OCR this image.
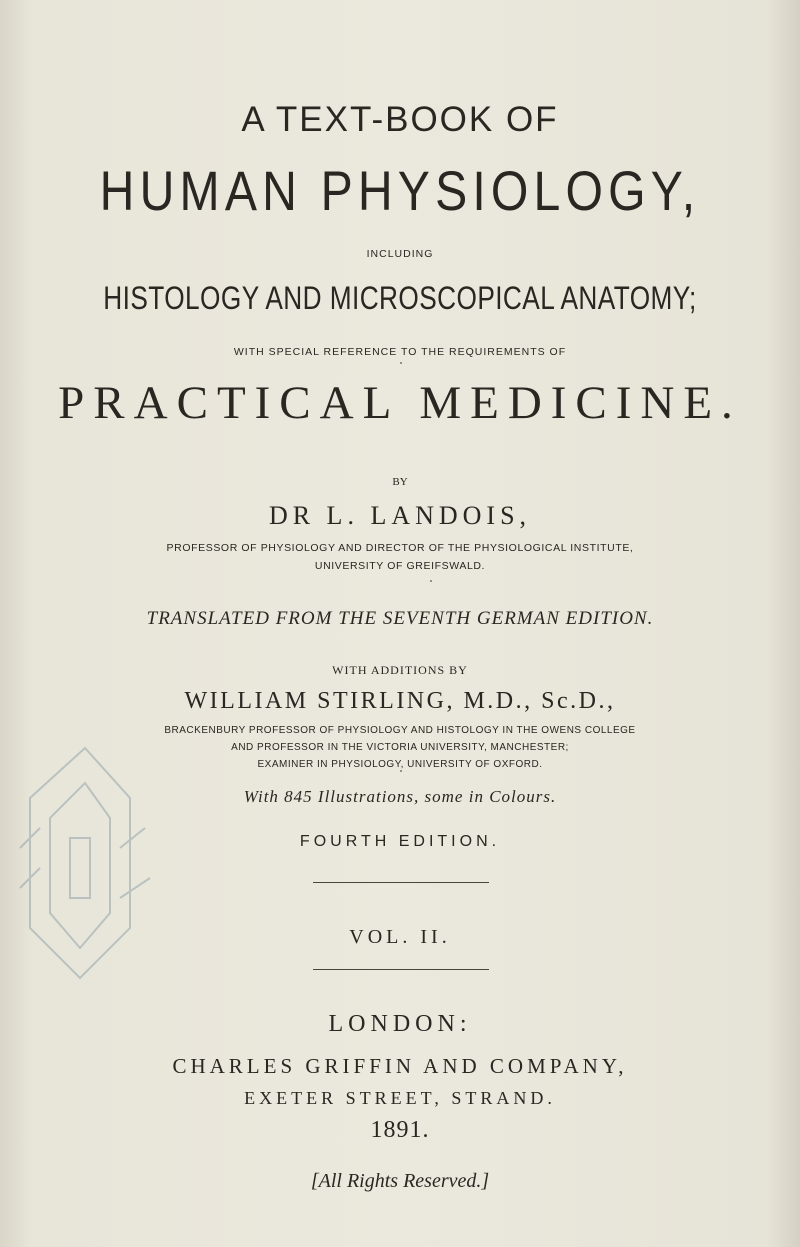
A TEXT-BOOK OF
HUMAN PHYSIOLOGY,
INCLUDING
HISTOLOGY AND MICROSCOPICAL ANATOMY;
WITH SPECIAL REFERENCE TO THE REQUIREMENTS OF
PRACTICAL MEDICINE.
BY
DR L. LANDOIS,
PROFESSOR OF PHYSIOLOGY AND DIRECTOR OF THE PHYSIOLOGICAL INSTITUTE,
UNIVERSITY OF GREIFSWALD.
TRANSLATED FROM THE SEVENTH GERMAN EDITION.
WITH ADDITIONS BY
WILLIAM STIRLING, M.D., Sc.D.,
BRACKENBURY PROFESSOR OF PHYSIOLOGY AND HISTOLOGY IN THE OWENS COLLEGE
AND PROFESSOR IN THE VICTORIA UNIVERSITY, MANCHESTER;
EXAMINER IN PHYSIOLOGY, UNIVERSITY OF OXFORD.
With 845 Illustrations, some in Colours.
FOURTH EDITION.
VOL. II.
LONDON:
CHARLES GRIFFIN AND COMPANY,
EXETER STREET, STRAND.
1891.
[All Rights Reserved.]
